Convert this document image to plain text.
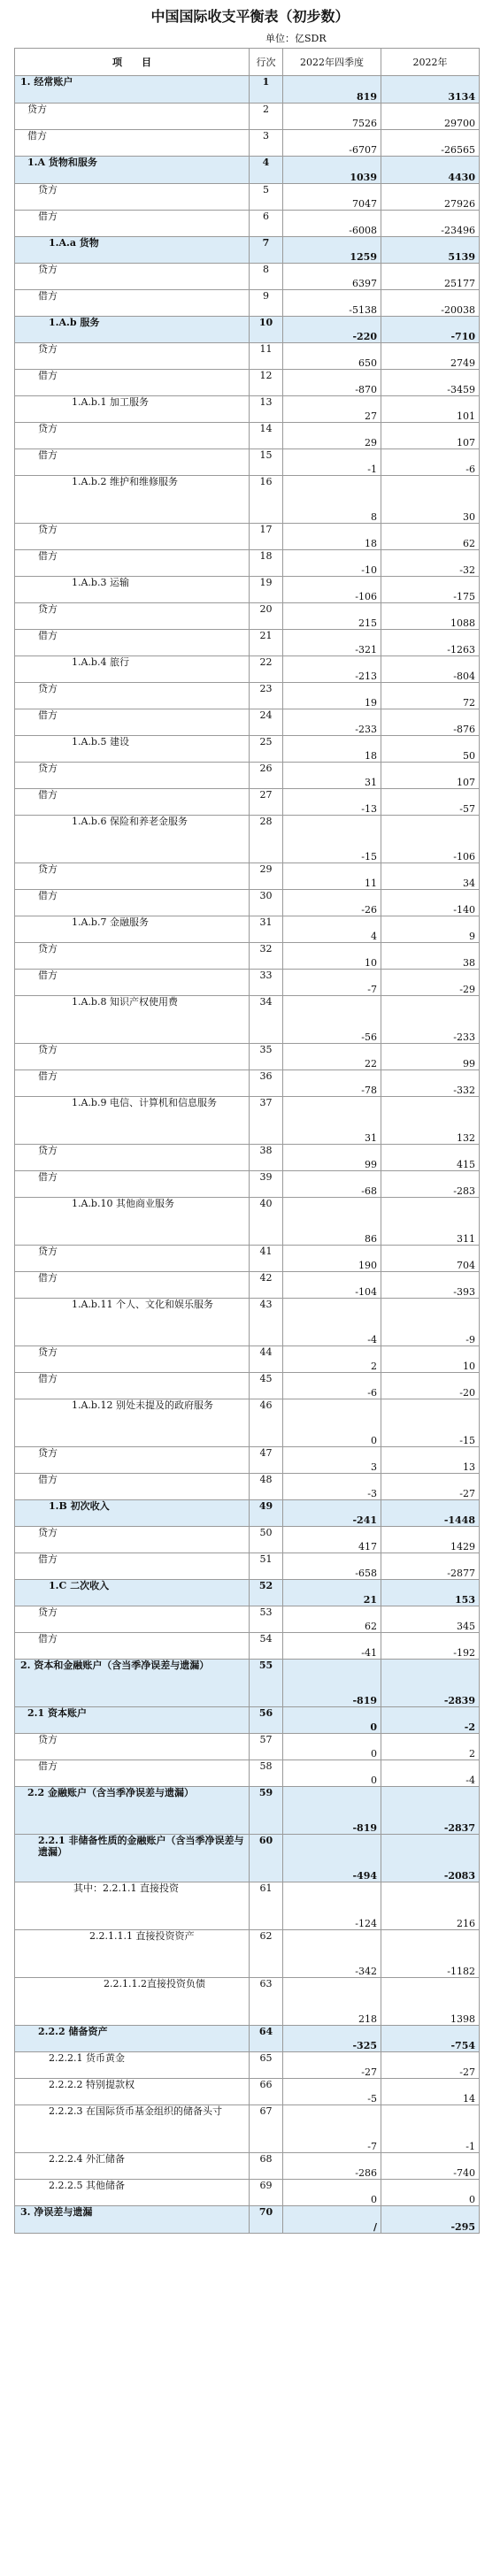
中国国际收支平衡表（初步数）
单位：亿SDR
项　　目	行次	2022年四季度	2022年
1. 经常账户	1	819	3134
贷方	2	7526	29700
借方	3	-6707	-26565
1.A 货物和服务	4	1039	4430
贷方	5	7047	27926
借方	6	-6008	-23496
1.A.a 货物	7	1259	5139
贷方	8	6397	25177
借方	9	-5138	-20038
1.A.b 服务	10	-220	-710
贷方	11	650	2749
借方	12	-870	-3459
1.A.b.1 加工服务	13	27	101
贷方	14	29	107
借方	15	-1	-6
1.A.b.2 维护和维修服务	16	8	30
贷方	17	18	62
借方	18	-10	-32
1.A.b.3 运输	19	-106	-175
贷方	20	215	1088
借方	21	-321	-1263
1.A.b.4 旅行	22	-213	-804
贷方	23	19	72
借方	24	-233	-876
1.A.b.5 建设	25	18	50
贷方	26	31	107
借方	27	-13	-57
1.A.b.6 保险和养老金服务	28	-15	-106
贷方	29	11	34
借方	30	-26	-140
1.A.b.7 金融服务	31	4	9
贷方	32	10	38
借方	33	-7	-29
1.A.b.8 知识产权使用费	34	-56	-233
贷方	35	22	99
借方	36	-78	-332
1.A.b.9 电信、计算机和信息服务	37	31	132
贷方	38	99	415
借方	39	-68	-283
1.A.b.10 其他商业服务	40	86	311
贷方	41	190	704
借方	42	-104	-393
1.A.b.11 个人、文化和娱乐服务	43	-4	-9
贷方	44	2	10
借方	45	-6	-20
1.A.b.12 别处未提及的政府服务	46	0	-15
贷方	47	3	13
借方	48	-3	-27
1.B 初次收入	49	-241	-1448
贷方	50	417	1429
借方	51	-658	-2877
1.C 二次收入	52	21	153
贷方	53	62	345
借方	54	-41	-192
2. 资本和金融账户（含当季净误差与遗漏）	55	-819	-2839
2.1 资本账户	56	0	-2
贷方	57	0	2
借方	58	0	-4
2.2 金融账户（含当季净误差与遗漏）	59	-819	-2837
2.2.1 非储备性质的金融账户（含当季净误差与遗漏）	60	-494	-2083
其中：2.2.1.1 直接投资	61	-124	216
2.2.1.1.1 直接投资资产	62	-342	-1182
2.2.1.1.2直接投资负债	63	218	1398
2.2.2 储备资产	64	-325	-754
2.2.2.1 货币黄金	65	-27	-27
2.2.2.2 特别提款权	66	-5	14
2.2.2.3 在国际货币基金组织的储备头寸	67	-7	-1
2.2.2.4 外汇储备	68	-286	-740
2.2.2.5 其他储备	69	0	0
3. 净误差与遗漏	70	/	-295
